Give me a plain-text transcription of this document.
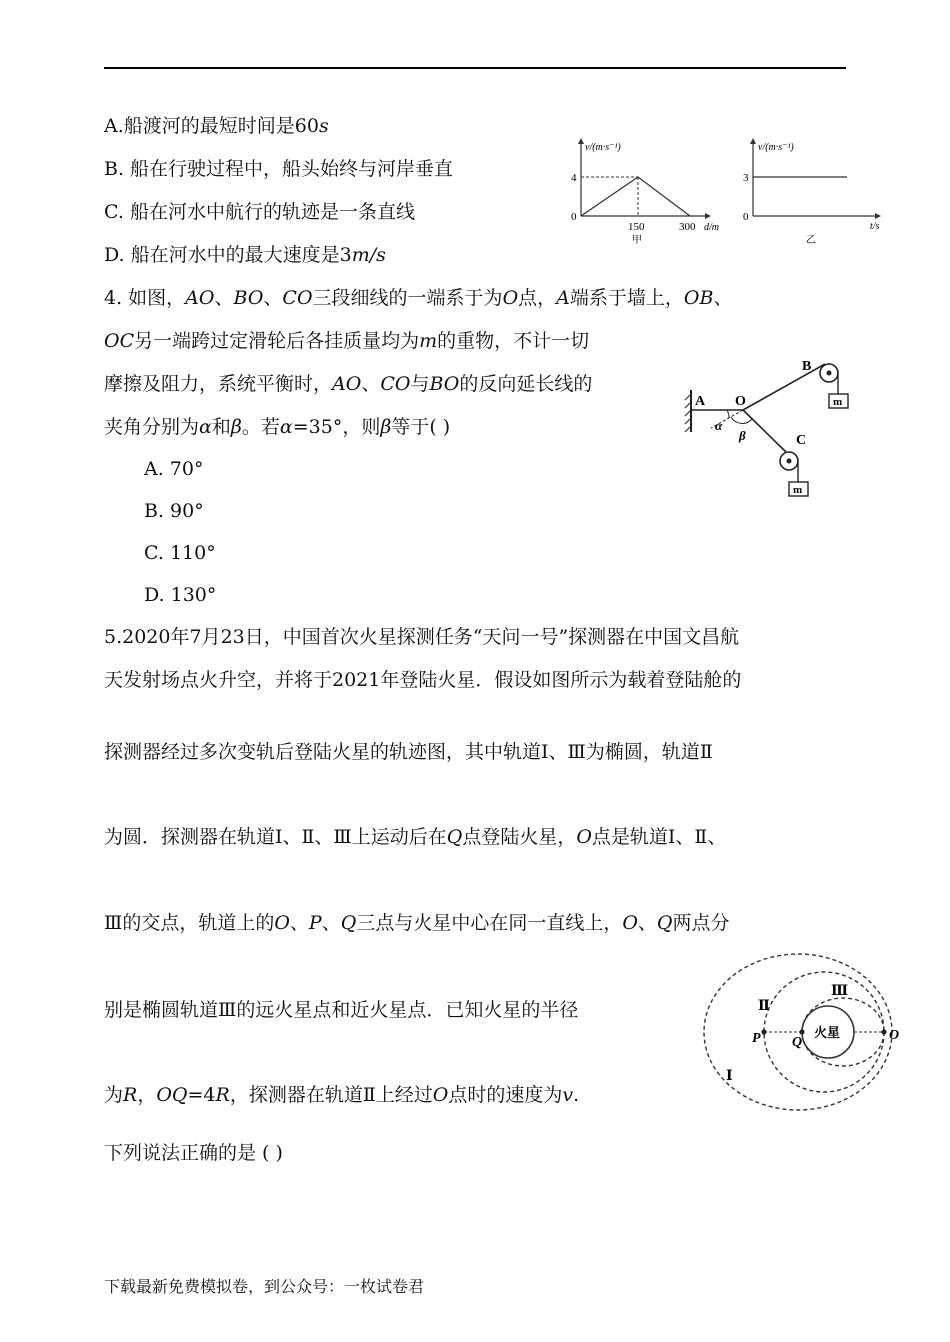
A.船渡河的最短时间是60s
B. 船在行驶过程中，船头始终与河岸垂直
C. 船在河水中航行的轨迹是一条直线
D. 船在河水中的最大速度是3m/s
v/(m·s⁻¹)
4
0
150	300 d/m
甲
v/(m·s⁻¹)
3
0
t/s
乙
4. 如图，AO、BO、CO三段细线的一端系于为O点，A端系于墙上，OB、
OC另一端跨过定滑轮后各挂质量均为m的重物，不计一切
摩擦及阻力，系统平衡时，AO、CO与BO的反向延长线的
夹角分别为α和β。若α=35°，则β等于( )
A. 70°
B. 90°
C. 110°
D. 130°
A O
B
C
α
β
m
m
5.2020年7月23日，中国首次火星探测任务“天问一号”探测器在中国文昌航
天发射场点火升空，并将于2021年登陆火星．假设如图所示为载着登陆舱的
探测器经过多次变轨后登陆火星的轨迹图，其中轨道Ⅰ、Ⅲ为椭圆，轨道Ⅱ
为圆．探测器在轨道Ⅰ、Ⅱ、Ⅲ上运动后在Q点登陆火星，O点是轨道Ⅰ、Ⅱ、
Ⅲ的交点，轨道上的O、P、Q三点与火星中心在同一直线上，O、Q两点分
别是椭圆轨道Ⅲ的远火星点和近火星点．已知火星的半径
为R，OQ=4R，探测器在轨道Ⅱ上经过O点时的速度为v.
下列说法正确的是 ( )
火星
Ⅱ
Ⅲ
Ⅰ
P Q	O
下载最新免费模拟卷，到公众号：一枚试卷君
